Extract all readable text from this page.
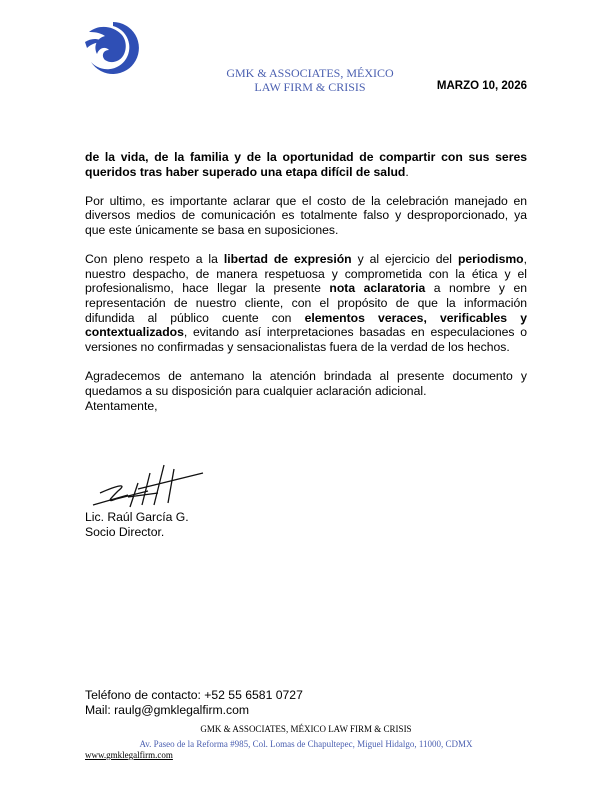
GMK & ASSOCIATES, MÉXICO
LAW FIRM & CRISIS	MARZO 10, 2026

de la vida, de la familia y de la oportunidad de compartir con sus seres queridos tras haber superado una etapa difícil de salud.

Por ultimo, es importante aclarar que el costo de la celebración manejado en diversos medios de comunicación es totalmente falso y desproporcionado, ya que este únicamente se basa en suposiciones.

Con pleno respeto a la libertad de expresión y al ejercicio del periodismo, nuestro despacho, de manera respetuosa y comprometida con la ética y el profesionalismo, hace llegar la presente nota aclaratoria a nombre y en representación de nuestro cliente, con el propósito de que la información difundida al público cuente con elementos veraces, verificables y contextualizados, evitando así interpretaciones basadas en especulaciones o versiones no confirmadas y sensacionalistas fuera de la verdad de los hechos.

Agradecemos de antemano la atención brindada al presente documento y quedamos a su disposición para cualquier aclaración adicional.

Atentamente,
Lic. Raúl García G.
Socio Director.
Teléfono de contacto: +52 55 6581 0727
Mail: raulg@gmklegalfirm.com
GMK & ASSOCIATES, MÉXICO LAW FIRM & CRISIS
Av. Paseo de la Reforma #985, Col. Lomas de Chapultepec, Miguel Hidalgo, 11000, CDMX
www.gmklegalfirm.com
